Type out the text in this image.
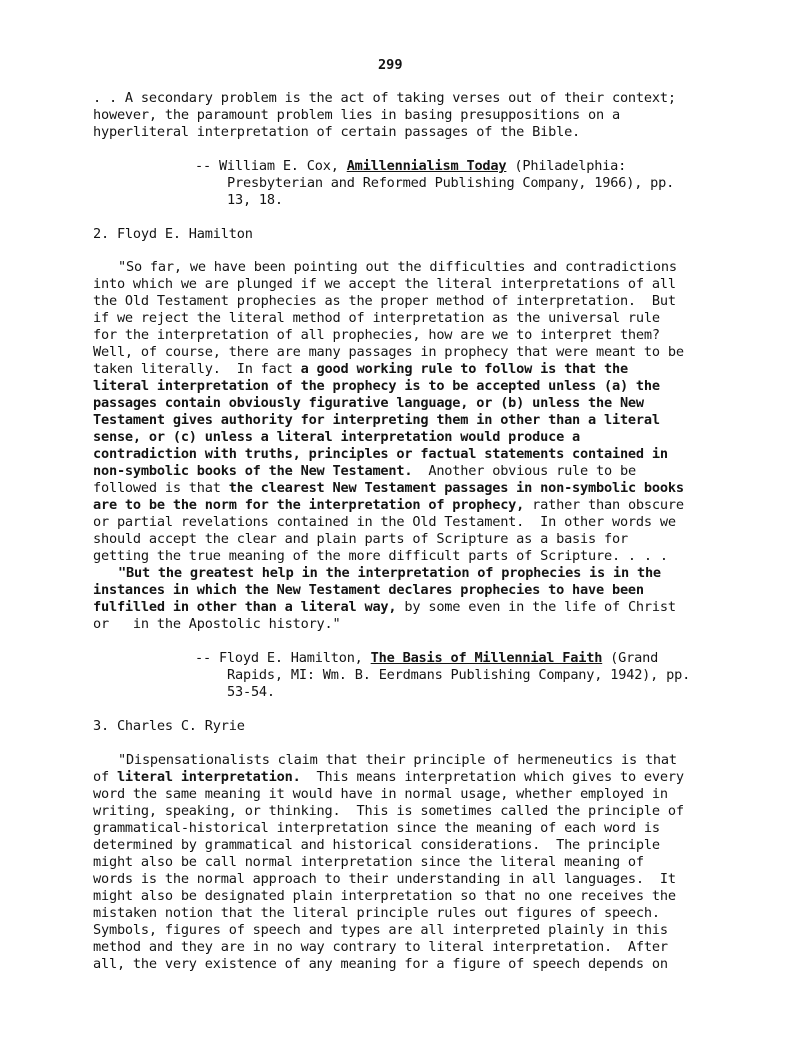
299
. . A secondary problem is the act of taking verses out of their context;
however, the paramount problem lies in basing presuppositions on a
hyperliteral interpretation of certain passages of the Bible.
-- William E. Cox, Amillennialism Today (Philadelphia:
Presbyterian and Reformed Publishing Company, 1966), pp.
13, 18.
2. Floyd E. Hamilton
"So far, we have been pointing out the difficulties and contradictions
into which we are plunged if we accept the literal interpretations of all
the Old Testament prophecies as the proper method of interpretation.  But
if we reject the literal method of interpretation as the universal rule
for the interpretation of all prophecies, how are we to interpret them?
Well, of course, there are many passages in prophecy that were meant to be
taken literally.  In fact a good working rule to follow is that the
literal interpretation of the prophecy is to be accepted unless (a) the
passages contain obviously figurative language, or (b) unless the New
Testament gives authority for interpreting them in other than a literal
sense, or (c) unless a literal interpretation would produce a
contradiction with truths, principles or factual statements contained in
non-symbolic books of the New Testament.  Another obvious rule to be
followed is that the clearest New Testament passages in non-symbolic books
are to be the norm for the interpretation of prophecy, rather than obscure
or partial revelations contained in the Old Testament.  In other words we
should accept the clear and plain parts of Scripture as a basis for
getting the true meaning of the more difficult parts of Scripture. . . .
"But the greatest help in the interpretation of prophecies is in the
instances in which the New Testament declares prophecies to have been
fulfilled in other than a literal way, by some even in the life of Christ
or   in the Apostolic history."
-- Floyd E. Hamilton, The Basis of Millennial Faith (Grand
Rapids, MI: Wm. B. Eerdmans Publishing Company, 1942), pp.
53-54.
3. Charles C. Ryrie
"Dispensationalists claim that their principle of hermeneutics is that
of literal interpretation.  This means interpretation which gives to every
word the same meaning it would have in normal usage, whether employed in
writing, speaking, or thinking.  This is sometimes called the principle of
grammatical-historical interpretation since the meaning of each word is
determined by grammatical and historical considerations.  The principle
might also be call normal interpretation since the literal meaning of
words is the normal approach to their understanding in all languages.  It
might also be designated plain interpretation so that no one receives the
mistaken notion that the literal principle rules out figures of speech.
Symbols, figures of speech and types are all interpreted plainly in this
method and they are in no way contrary to literal interpretation.  After
all, the very existence of any meaning for a figure of speech depends on
